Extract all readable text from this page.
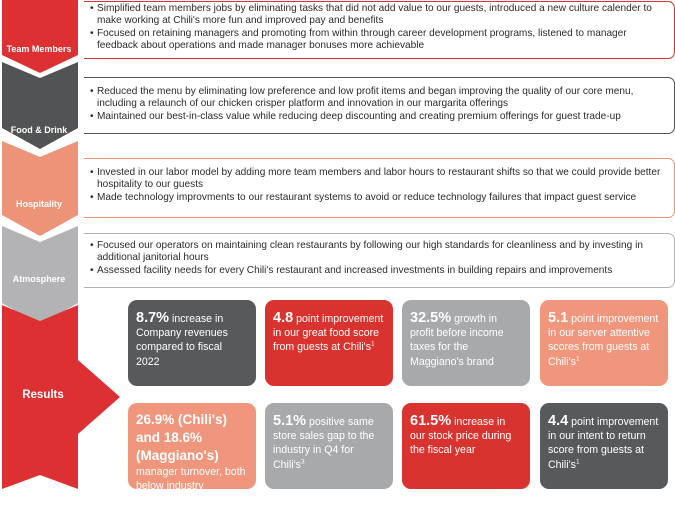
Team Members
• Simplified team members jobs by eliminating tasks that did not add value to our guests, introduced a new culture calender to make working at Chili's more fun and improved pay and benefits
• Focused on retaining managers and promoting from within through career development programs, listened to manager feedback about operations and made manager bonuses more achievable
Food & Drink
• Reduced the menu by eliminating low preference and low profit items and began improving the quality of our core menu, including a relaunch of our chicken crisper platform and innovation in our margarita offerings
• Maintained our best-in-class value while reducing deep discounting and creating premium offerings for guest trade-up
Hospitality
• Invested in our labor model by adding more team members and labor hours to restaurant shifts so that we could provide better hospitality to our guests
• Made technology improvments to our restaurant systems to avoid or reduce technology failures that impact guest service
Atmosphere
• Focused our operators on maintaining clean restaurants by following our high standards for cleanliness and by investing in additional janitorial hours
• Assessed facility needs for every Chili's restaurant and increased investments in building repairs and improvements
Results
8.7% increase in Company revenues compared to fiscal 2022
4.8 point improvement in our great food score from guests at Chili's$^1$
32.5% growth in profit before income taxes for the Maggiano's brand
5.1 point improvement in our server attentive scores from guests at Chili's$^1$
26.9% (Chili's) and 18.6% (Maggiano's) manager turnover, both below industry average$^2$
5.1% positive same store sales gap to the industry in Q4 for Chili's$^3$
61.5% increase in our stock price during the fiscal year
4.4 point improvement in our intent to return score from guests at Chili's$^1$
